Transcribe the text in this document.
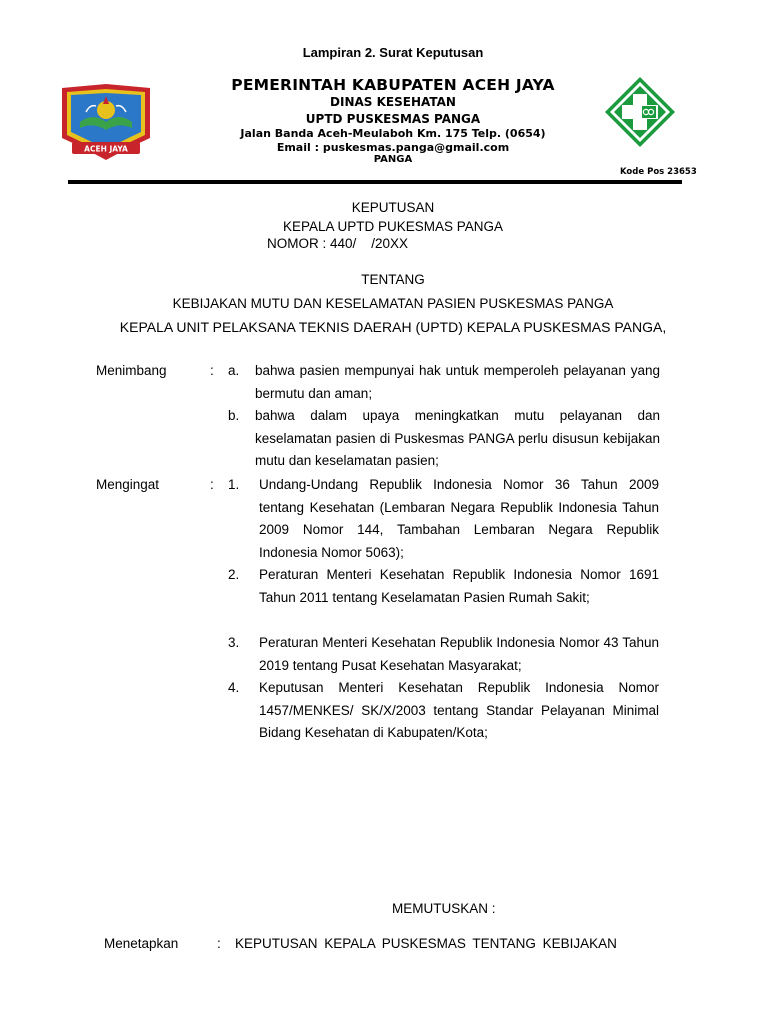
Lampiran 2. Surat Keputusan
ACEH JAYA
PEMERINTAH KABUPATEN ACEH JAYA
DINAS KESEHATAN
UPTD PUSKESMAS PANGA
Jalan Banda Aceh-Meulaboh Km. 175 Telp. (0654)
Email : puskesmas.panga@gmail.com
PANGA
Kode Pos 23653
KEPUTUSAN
KEPALA UPTD PUKESMAS PANGA
NOMOR : 440/    /20XX
TENTANG
KEBIJAKAN MUTU DAN KESELAMATAN PASIEN PUSKESMAS PANGA
KEPALA UNIT PELAKSANA TEKNIS DAERAH (UPTD) KEPALA PUSKESMAS PANGA,
Menimbang	: a. bahwa pasien mempunyai hak untuk memperoleh pelayanan yang bermutu dan aman;

b. bahwa dalam upaya meningkatkan mutu pelayanan dan keselamatan pasien di Puskesmas PANGA perlu disusun kebijakan mutu dan keselamatan pasien;

Mengingat	: 1. Undang-Undang Republik Indonesia Nomor 36 Tahun 2009 tentang Kesehatan (Lembaran Negara Republik Indonesia Tahun 2009 Nomor 144, Tambahan Lembaran Negara Republik Indonesia Nomor 5063);

2. Peraturan Menteri Kesehatan Republik Indonesia Nomor 1691 Tahun 2011 tentang Keselamatan Pasien Rumah Sakit;

3. Peraturan Menteri Kesehatan Republik Indonesia Nomor 43 Tahun 2019 tentang Pusat Kesehatan Masyarakat;

4. Keputusan Menteri Kesehatan Republik Indonesia Nomor 1457/MENKES/ SK/X/2003 tentang Standar Pelayanan Minimal Bidang Kesehatan di Kabupaten/Kota;

MEMUTUSKAN :
Menetapkan	: KEPUTUSAN KEPALA PUSKESMAS TENTANG KEBIJAKAN
